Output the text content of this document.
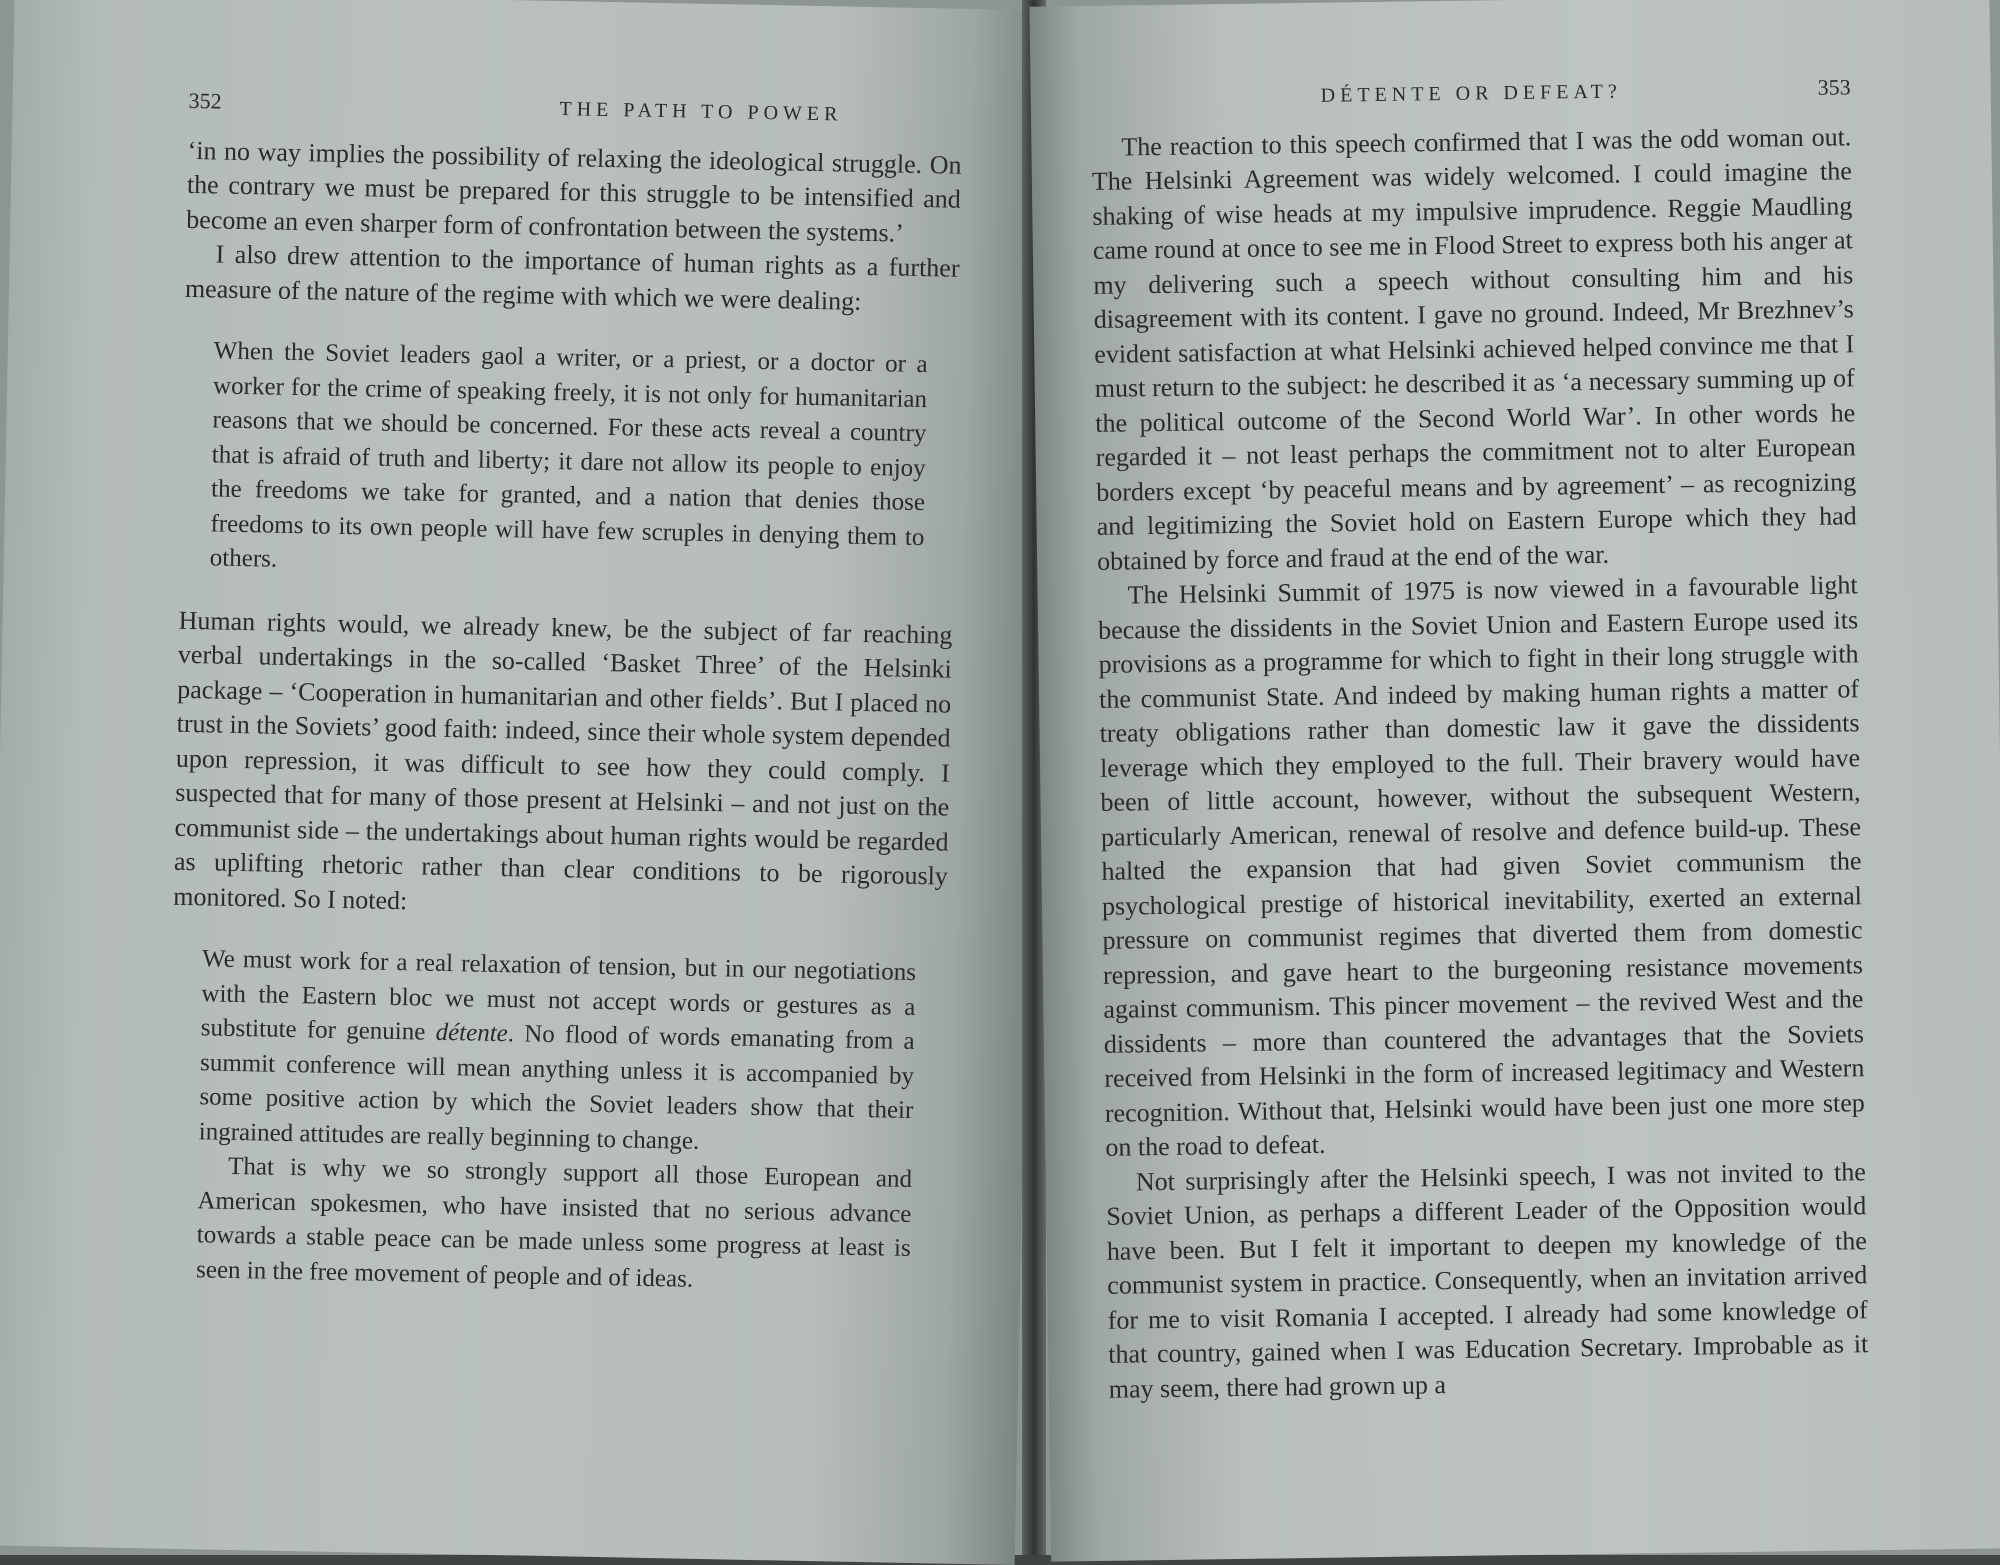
352	THE PATH TO POWER

‘in no way implies the possibility of relaxing the ideological struggle. On the contrary we must be prepared for this struggle to be intensified and become an even sharper form of confrontation between the systems.’

I also drew attention to the importance of human rights as a further measure of the nature of the regime with which we were dealing:

When the Soviet leaders gaol a writer, or a priest, or a doctor or a worker for the crime of speaking freely, it is not only for humanitarian reasons that we should be concerned. For these acts reveal a country that is afraid of truth and liberty; it dare not allow its people to enjoy the freedoms we take for granted, and a nation that denies those freedoms to its own people will have few scruples in denying them to others.

Human rights would, we already knew, be the subject of far reaching verbal undertakings in the so-called ‘Basket Three’ of the Helsinki package – ‘Cooperation in humanitarian and other fields’. But I placed no trust in the Soviets’ good faith: indeed, since their whole system depended upon repression, it was difficult to see how they could comply. I suspected that for many of those present at Helsinki – and not just on the communist side – the undertakings about human rights would be regarded as uplifting rhetoric rather than clear conditions to be rigorously monitored. So I noted:

We must work for a real relaxation of tension, but in our negotiations with the Eastern bloc we must not accept words or gestures as a substitute for genuine détente. No flood of words emanating from a summit conference will mean anything unless it is accompanied by some positive action by which the Soviet leaders show that their ingrained attitudes are really beginning to change.

That is why we so strongly support all those European and American spokesmen, who have insisted that no serious advance towards a stable peace can be made unless some progress at least is seen in the free movement of people and of ideas.

DÉTENTE OR DEFEAT?	353

The reaction to this speech confirmed that I was the odd woman out. The Helsinki Agreement was widely welcomed. I could imagine the shaking of wise heads at my impulsive imprudence. Reggie Maudling came round at once to see me in Flood Street to express both his anger at my delivering such a speech without consulting him and his disagreement with its content. I gave no ground. Indeed, Mr Brezhnev’s evident satisfaction at what Helsinki achieved helped convince me that I must return to the subject: he described it as ‘a necessary summing up of the political outcome of the Second World War’. In other words he regarded it – not least perhaps the commitment not to alter European borders except ‘by peaceful means and by agreement’ – as recognizing and legitimizing the Soviet hold on Eastern Europe which they had obtained by force and fraud at the end of the war.

The Helsinki Summit of 1975 is now viewed in a favourable light because the dissidents in the Soviet Union and Eastern Europe used its provisions as a programme for which to fight in their long struggle with the communist State. And indeed by making human rights a matter of treaty obligations rather than domestic law it gave the dissidents leverage which they employed to the full. Their bravery would have been of little account, however, without the subsequent Western, particularly American, renewal of resolve and defence build-up. These halted the expansion that had given Soviet communism the psychological prestige of historical inevitability, exerted an external pressure on communist regimes that diverted them from domestic repression, and gave heart to the burgeoning resistance movements against communism. This pincer movement – the revived West and the dissidents – more than countered the advantages that the Soviets received from Helsinki in the form of increased legitimacy and Western recognition. Without that, Helsinki would have been just one more step on the road to defeat.

Not surprisingly after the Helsinki speech, I was not invited to the Soviet Union, as perhaps a different Leader of the Opposition would have been. But I felt it important to deepen my knowledge of the communist system in practice. Consequently, when an invitation arrived for me to visit Romania I accepted. I already had some knowledge of that country, gained when I was Education Secretary. Improbable as it may seem, there had grown up a
